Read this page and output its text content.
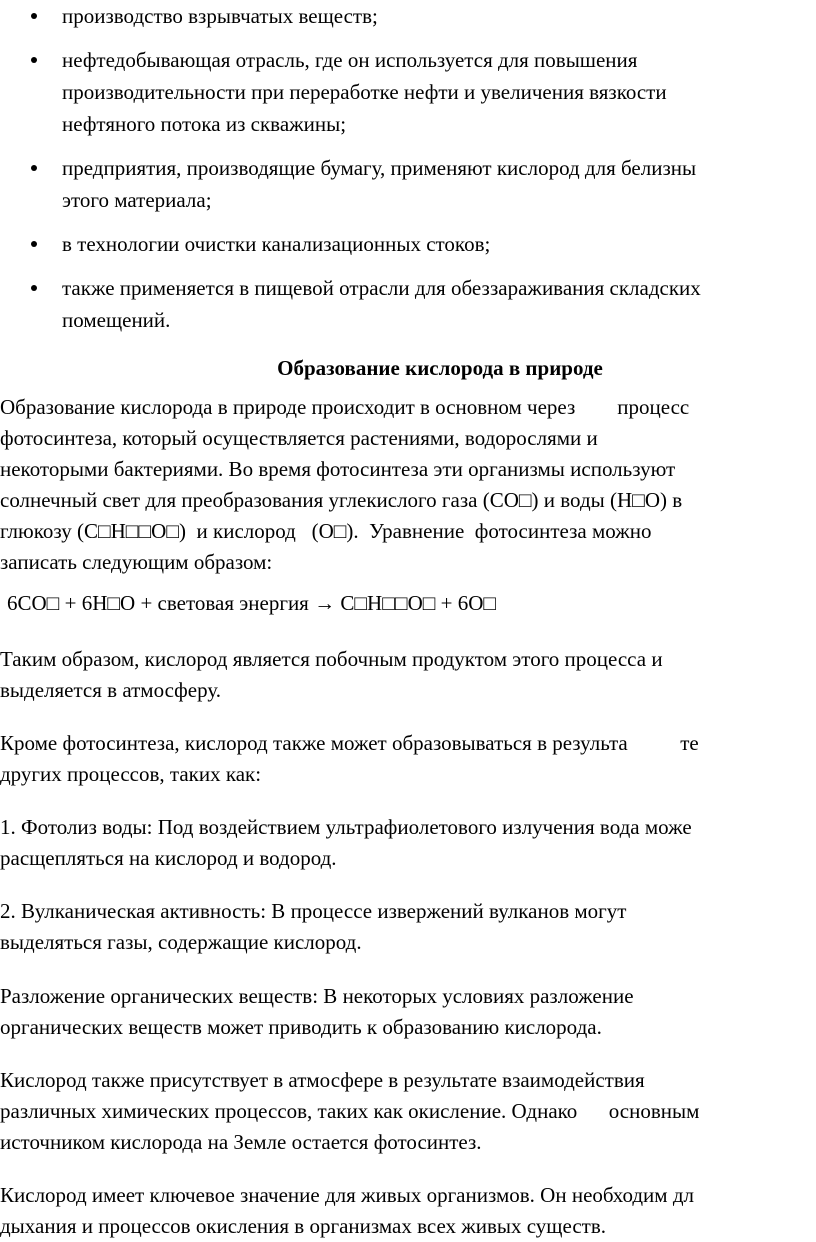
производство взрывчатых веществ;
нефтедобывающая отрасль, где он используется для повышения
производительности при переработке нефти и увеличения вязкости
нефтяного потока из скважины;
предприятия, производящие бумагу, применяют кислород для белизны
этого материала;
в технологии очистки канализационных стоков;
также применяется в пищевой отрасли для обеззараживания складских
помещений.
Образование кислорода в природе
Образование кислорода в природе происходит в основном через        процесс
фотосинтеза, который осуществляется растениями, водорослями и
некоторыми бактериями. Во время фотосинтеза эти организмы используют
солнечный свет для преобразования углекислого газа (CO□) и воды (H□O) в
глюкозу (C□H□□O□)  и кислород   (O□).  Уравнение  фотосинтеза можно
записать следующим образом:
6CO□ + 6H□O + световая энергия → C□H□□O□ + 6O□
Таким образом, кислород является побочным продуктом этого процесса и
выделяется в атмосферу.
Кроме фотосинтеза, кислород также может образовываться в результа          те
других процессов, таких как:
1. Фотолиз воды: Под воздействием ультрафиолетового излучения вода може
расщепляться на кислород и водород.
2. Вулканическая активность: В процессе извержений вулканов могут
выделяться газы, содержащие кислород.
Разложение органических веществ: В некоторых условиях разложение
органических веществ может приводить к образованию кислорода.
Кислород также присутствует в атмосфере в результате взаимодействия
различных химических процессов, таких как окисление. Однако      основным
источником кислорода на Земле остается фотосинтез.
Кислород имеет ключевое значение для живых организмов. Он необходим дл
дыхания и процессов окисления в организмах всех живых существ.
